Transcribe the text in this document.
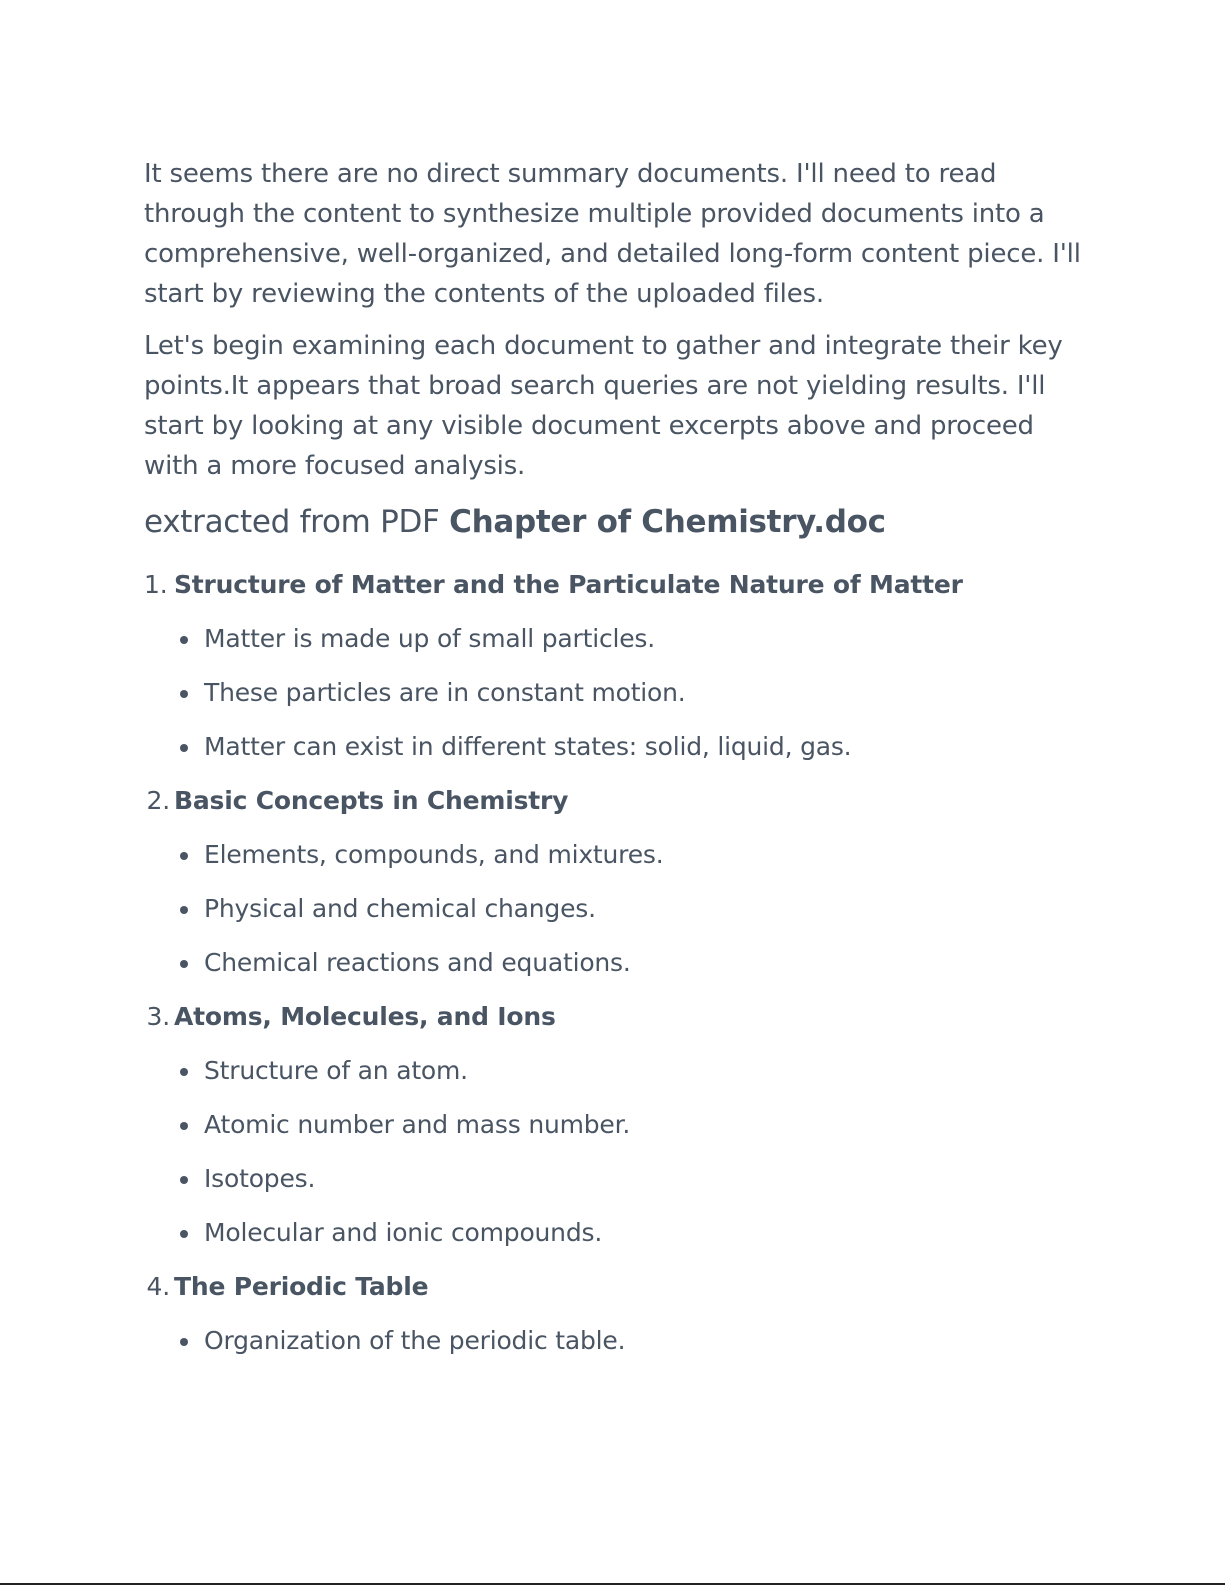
It seems there are no direct summary documents. I'll need to read through the content to synthesize multiple provided documents into a comprehensive, well-organized, and detailed long-form content piece. I'll start by reviewing the contents of the uploaded files.

Let's begin examining each document to gather and integrate their key points.It appears that broad search queries are not yielding results. I'll start by looking at any visible document excerpts above and proceed with a more focused analysis.

extracted from PDF Chapter of Chemistry.doc
1. Structure of Matter and the Particulate Nature of Matter
Matter is made up of small particles.
These particles are in constant motion.
Matter can exist in different states: solid, liquid, gas.
2. Basic Concepts in Chemistry
Elements, compounds, and mixtures.
Physical and chemical changes.
Chemical reactions and equations.
3. Atoms, Molecules, and Ions
Structure of an atom.
Atomic number and mass number.
Isotopes.
Molecular and ionic compounds.
4. The Periodic Table
Organization of the periodic table.
